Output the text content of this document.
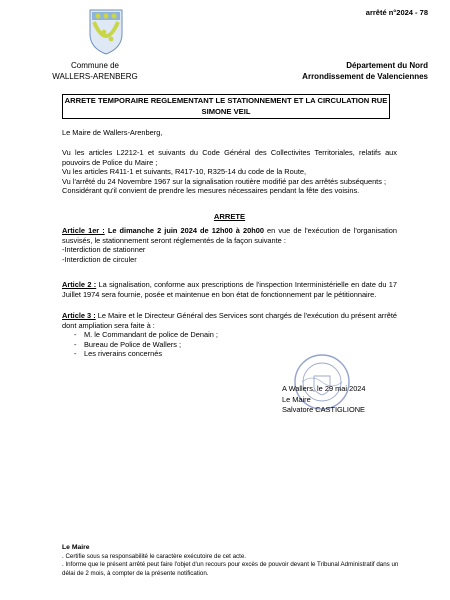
arrêté n°2024 - 78
Commune de
WALLERS-ARENBERG
Département du Nord
Arrondissement de Valenciennes
ARRETE TEMPORAIRE REGLEMENTANT LE STATIONNEMENT ET LA CIRCULATION RUE
SIMONE VEIL
Le Maire de Wallers-Arenberg,
Vu les articles L2212-1 et suivants du Code Général des Collectivites Territoriales, relatifs aux pouvoirs de Police du Maire ;
Vu les articles R411-1 et suivants, R417-10, R325-14 du code de la Route,
Vu l'arrêté du 24 Novembre 1967 sur la signalisation routière modifié par des arrêtés subséquents ;
Considérant qu'il convient de prendre les mesures nécessaires pendant la fête des voisins.
ARRETE
Article 1er : Le dimanche 2 juin 2024 de 12h00 à 20h00 en vue de l'exécution de l'organisation susvisés, le stationnement seront réglementés de la façon suivante :
-Interdiction de stationner
-Interdiction de circuler
Article 2 : La signalisation, conforme aux prescriptions de l'inspection Interministérielle en date du 17 Juillet 1974 sera fournie, posée et maintenue en bon état de fonctionnement par le pétitionnaire.
Article 3 : Le Maire et le Directeur Général des Services sont chargés de l'exécution du présent arrêté dont ampliation sera faite à :
- M. le Commandant de police de Denain ;
- Bureau de Police de Wallers ;
- Les riverains concernés
A Wallers, le 29 mai 2024
Le Maire
Salvatore CASTIGLIONE
Le Maire
. Certifie sous sa responsabilité le caractère exécutoire de cet acte.
. Informe que le présent arrêté peut faire l'objet d'un recours pour excès de pouvoir devant le Tribunal Administratif dans un délai de 2 mois, à compter de la présente notification.
